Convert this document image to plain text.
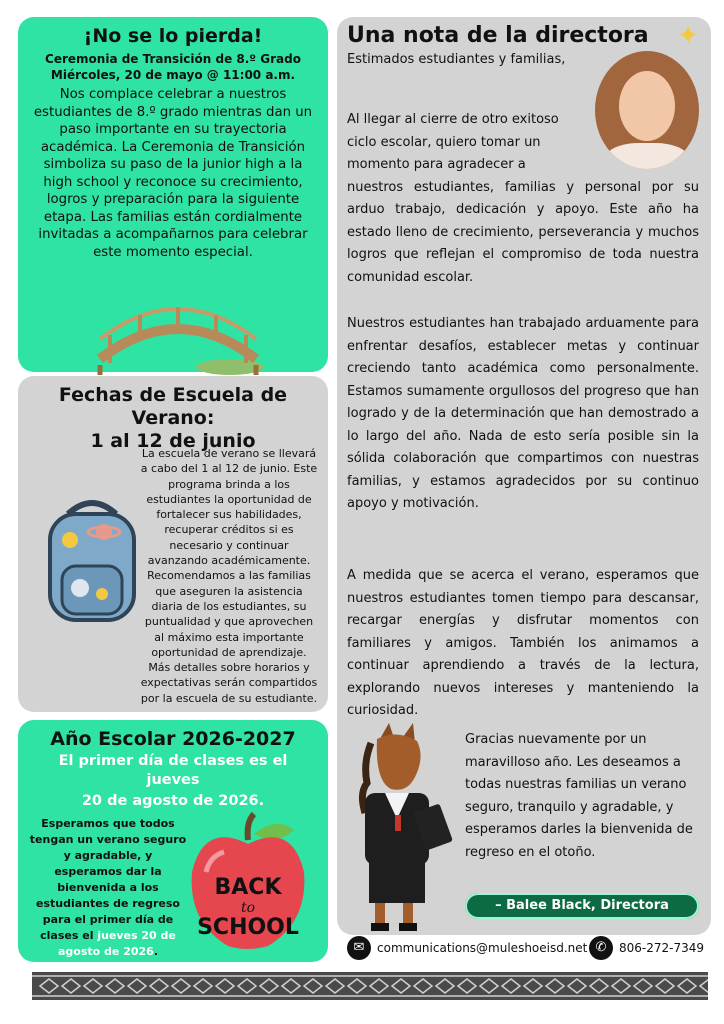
¡No se lo pierda!
Ceremonia de Transición de 8.º Grado
Miércoles, 20 de mayo @ 11:00 a.m.
Nos complace celebrar a nuestros estudiantes de 8.º grado mientras dan un paso importante en su trayectoria académica. La Ceremonia de Transición simboliza su paso de la junior high a la high school y reconoce su crecimiento, logros y preparación para la siguiente etapa. Las familias están cordialmente invitadas a acompañarnos para celebrar este momento especial.
Fechas de Escuela de Verano:
1 al 12 de junio
La escuela de verano se llevará a cabo del 1 al 12 de junio. Este programa brinda a los estudiantes la oportunidad de fortalecer sus habilidades, recuperar créditos si es necesario y continuar avanzando académicamente. Recomendamos a las familias que aseguren la asistencia diaria de los estudiantes, su puntualidad y que aprovechen al máximo esta importante oportunidad de aprendizaje. Más detalles sobre horarios y expectativas serán compartidos por la escuela de su estudiante.
Año Escolar 2026-2027
El primer día de clases es el jueves
20 de agosto de 2026.
Esperamos que todos tengan un verano seguro y agradable, y esperamos dar la bienvenida a los estudiantes de regreso para el primer día de clases el jueves 20 de agosto de 2026.
BACK
to
SCHOOL
Una nota de la directora
Estimados estudiantes y familias,
✦

Al llegar al cierre de otro exitoso ciclo escolar, quiero tomar un momento para agradecer a

nuestros estudiantes, familias y personal por su arduo trabajo, dedicación y apoyo. Este año ha estado lleno de crecimiento, perseverancia y muchos logros que reflejan el compromiso de toda nuestra comunidad escolar.

Nuestros estudiantes han trabajado arduamente para enfrentar desafíos, establecer metas y continuar creciendo tanto académica como personalmente. Estamos sumamente orgullosos del progreso que han logrado y de la determinación que han demostrado a lo largo del año. Nada de esto sería posible sin la sólida colaboración que compartimos con nuestras familias, y estamos agradecidos por su continuo apoyo y motivación.

A medida que se acerca el verano, esperamos que nuestros estudiantes tomen tiempo para descansar, recargar energías y disfrutar momentos con familiares y amigos. También los animamos a continuar aprendiendo a través de la lectura, explorando nuevos intereses y manteniendo la curiosidad.

Gracias nuevamente por un maravilloso año. Les deseamos a todas nuestras familias un verano seguro, tranquilo y agradable, y esperamos darles la bienvenida de regreso en el otoño.

– Balee Black, Directora
✉	communications@muleshoeisd.net ✆	806-272-7349
